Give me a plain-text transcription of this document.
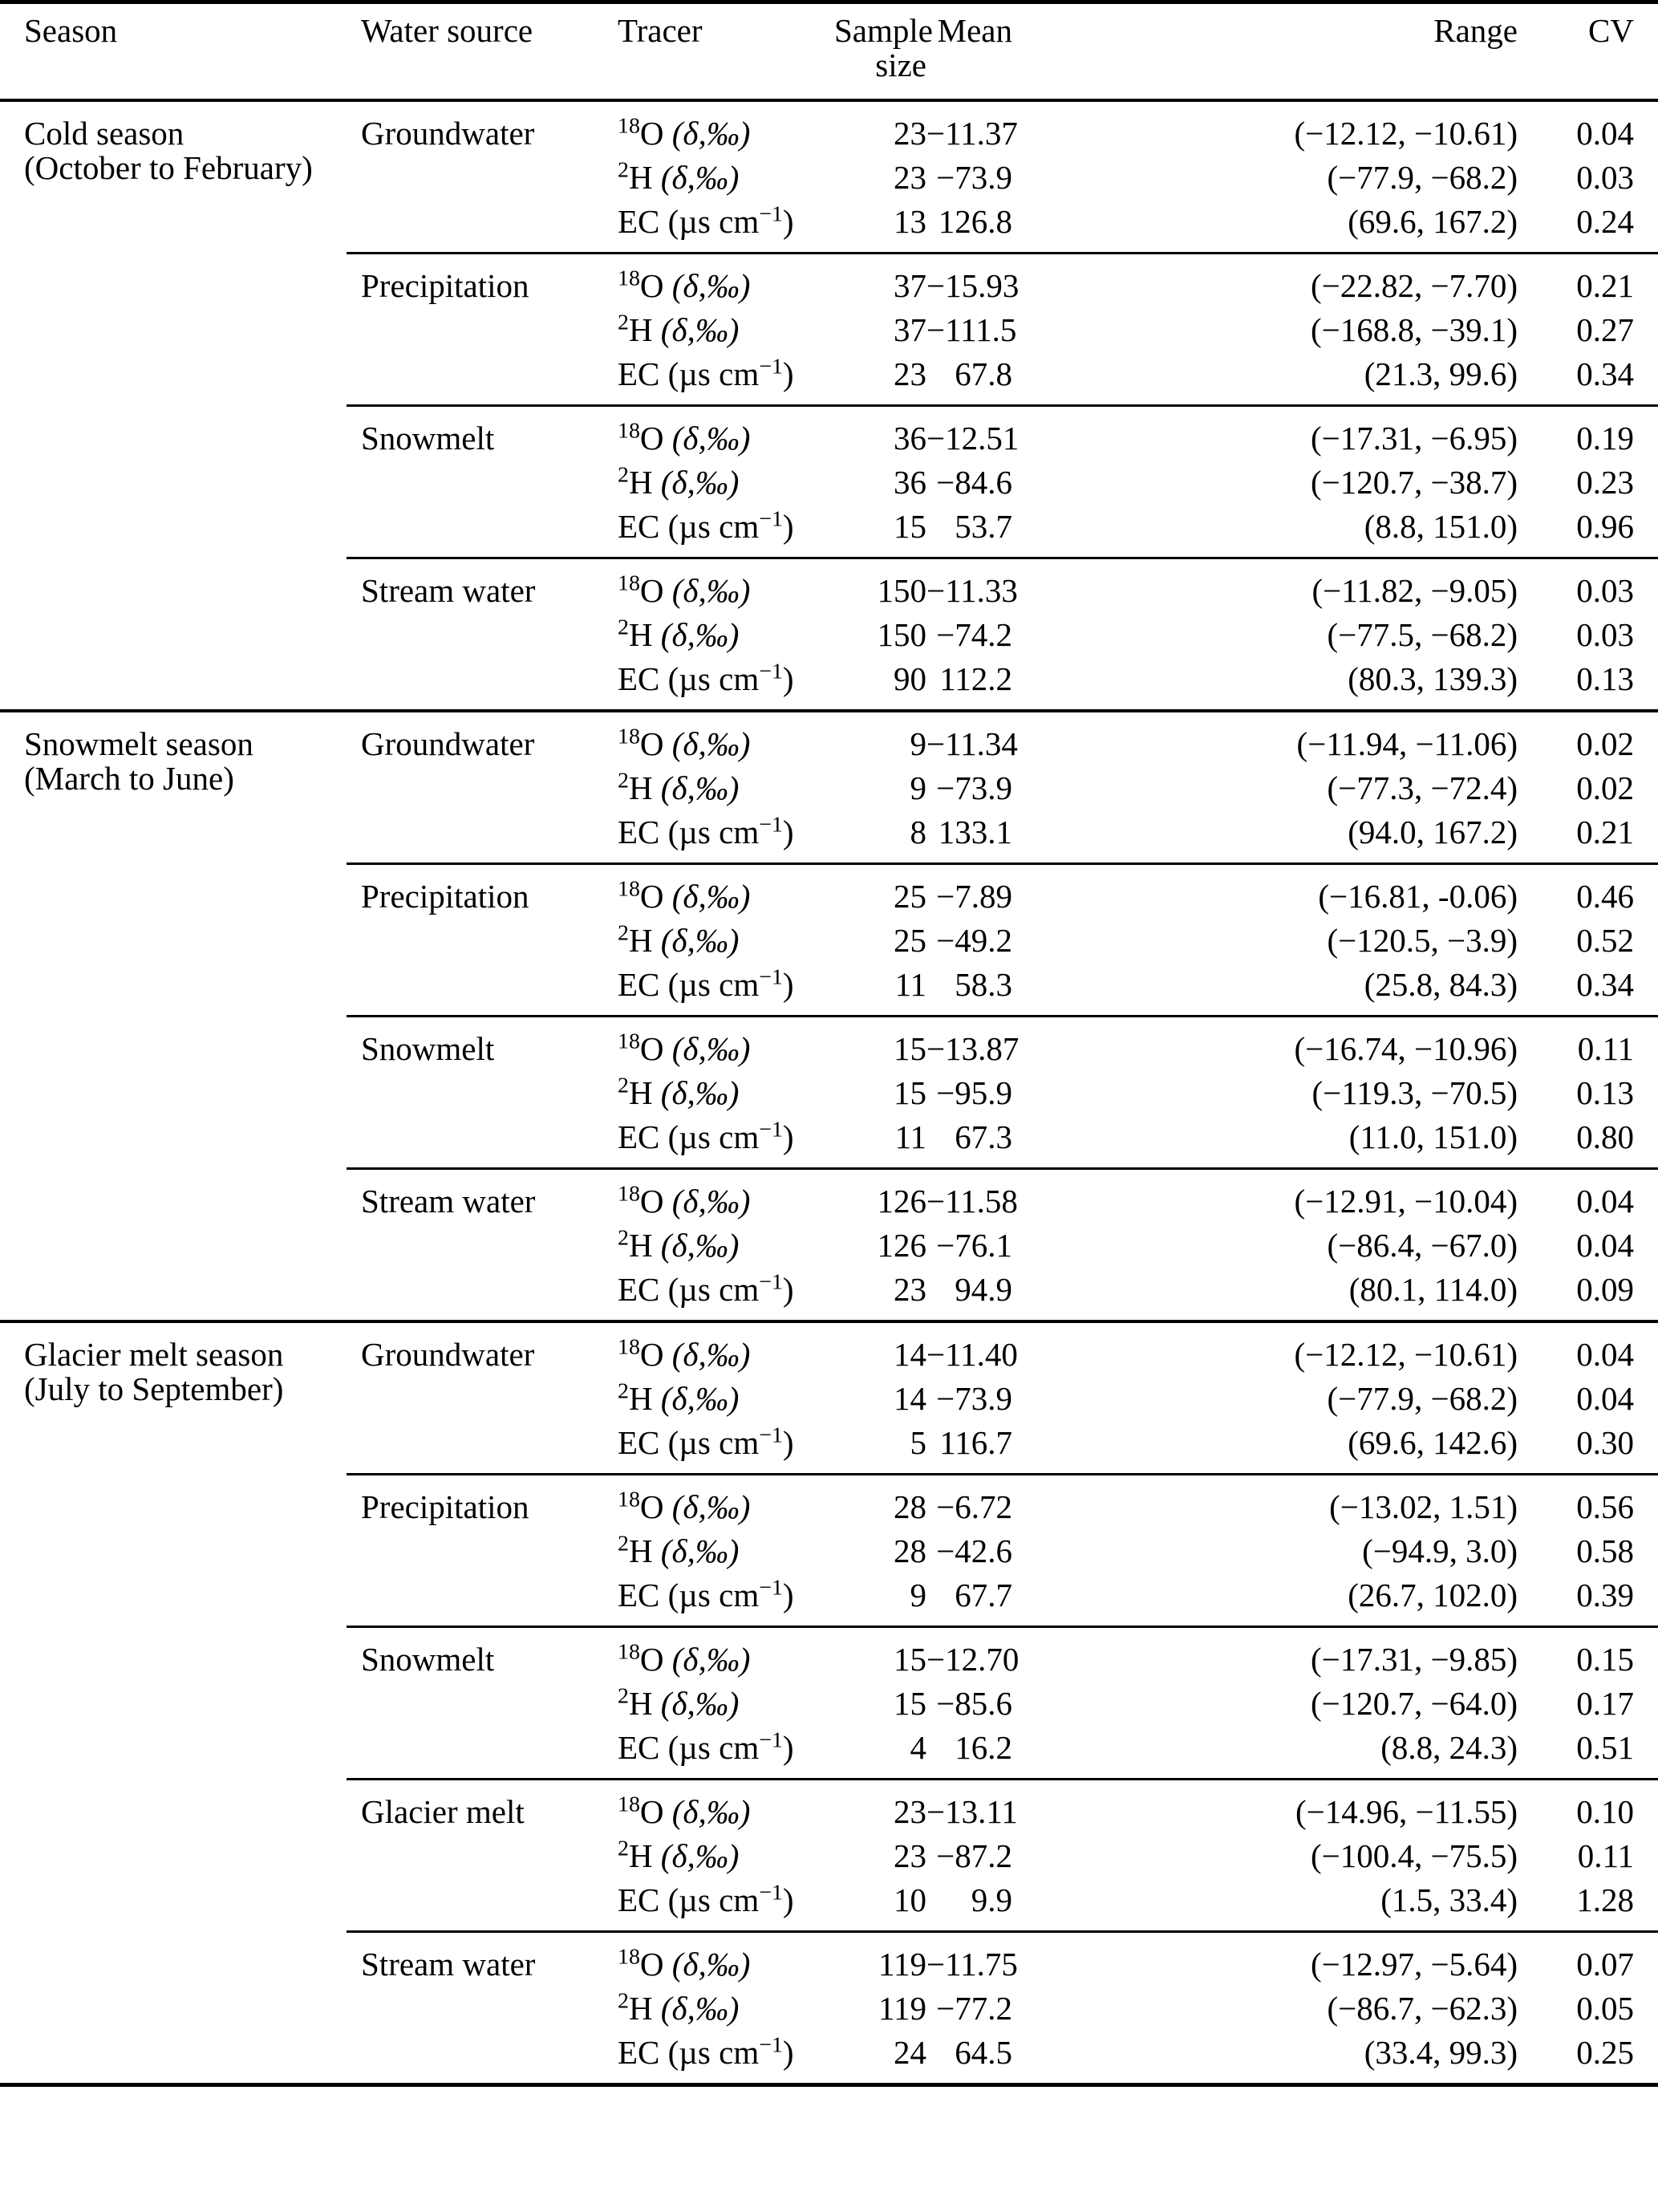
Season	Water source	Tracer	Sample size	Mean	Range	CV

Cold season
(October to February)	Groundwater	$^{18}$O (δ,‰)	23	−11.37	(−12.12, −10.61)	0.04
		$^2$H (δ,‰)	23	−73.9	(−77.9, −68.2)	0.03
		EC (µs $cm^{-1}$)	13	126.8	(69.6, 167.2)	0.24
	Precipitation	$^{18}$O (δ,‰)	37	−15.93	(−22.82, −7.70)	0.21
		$^2$H (δ,‰)	37	−111.5	(−168.8, −39.1)	0.27
		EC (µs $cm^{-1}$)	23	67.8	(21.3, 99.6)	0.34
	Snowmelt	$^{18}$O (δ,‰)	36	−12.51	(−17.31, −6.95)	0.19
		$^2$H (δ,‰)	36	−84.6	(−120.7, −38.7)	0.23
		EC (µs $cm^{-1}$)	15	53.7	(8.8, 151.0)	0.96
	Stream water	$^{18}$O (δ,‰)	150	−11.33	(−11.82, −9.05)	0.03
		$^2$H (δ,‰)	150	−74.2	(−77.5, −68.2)	0.03
		EC (µs $cm^{-1}$)	90	112.2	(80.3, 139.3)	0.13

Snowmelt season
(March to June)	Groundwater	$^{18}$O (δ,‰)	9	−11.34	(−11.94, −11.06)	0.02
		$^2$H (δ,‰)	9	−73.9	(−77.3, −72.4)	0.02
		EC (µs $cm^{-1}$)	8	133.1	(94.0, 167.2)	0.21
	Precipitation	$^{18}$O (δ,‰)	25	−7.89	(−16.81, -0.06)	0.46
		$^2$H (δ,‰)	25	−49.2	(−120.5, −3.9)	0.52
		EC (µs $cm^{-1}$)	11	58.3	(25.8, 84.3)	0.34
	Snowmelt	$^{18}$O (δ,‰)	15	−13.87	(−16.74, −10.96)	0.11
		$^2$H (δ,‰)	15	−95.9	(−119.3, −70.5)	0.13
		EC (µs $cm^{-1}$)	11	67.3	(11.0, 151.0)	0.80
	Stream water	$^{18}$O (δ,‰)	126	−11.58	(−12.91, −10.04)	0.04
		$^2$H (δ,‰)	126	−76.1	(−86.4, −67.0)	0.04
		EC (µs $cm^{-1}$)	23	94.9	(80.1, 114.0)	0.09

Glacier melt season
(July to September)	Groundwater	$^{18}$O (δ,‰)	14	−11.40	(−12.12, −10.61)	0.04
		$^2$H (δ,‰)	14	−73.9	(−77.9, −68.2)	0.04
		EC (µs $cm^{-1}$)	5	116.7	(69.6, 142.6)	0.30
	Precipitation	$^{18}$O (δ,‰)	28	−6.72	(−13.02, 1.51)	0.56
		$^2$H (δ,‰)	28	−42.6	(−94.9, 3.0)	0.58
		EC (µs $cm^{-1}$)	9	67.7	(26.7, 102.0)	0.39
	Snowmelt	$^{18}$O (δ,‰)	15	−12.70	(−17.31, −9.85)	0.15
		$^2$H (δ,‰)	15	−85.6	(−120.7, −64.0)	0.17
		EC (µs $cm^{-1}$)	4	16.2	(8.8, 24.3)	0.51
	Glacier melt	$^{18}$O (δ,‰)	23	−13.11	(−14.96, −11.55)	0.10
		$^2$H (δ,‰)	23	−87.2	(−100.4, −75.5)	0.11
		EC (µs $cm^{-1}$)	10	9.9	(1.5, 33.4)	1.28
	Stream water	$^{18}$O (δ,‰)	119	−11.75	(−12.97, −5.64)	0.07
		$^2$H (δ,‰)	119	−77.2	(−86.7, −62.3)	0.05
		EC (µs $cm^{-1}$)	24	64.5	(33.4, 99.3)	0.25
